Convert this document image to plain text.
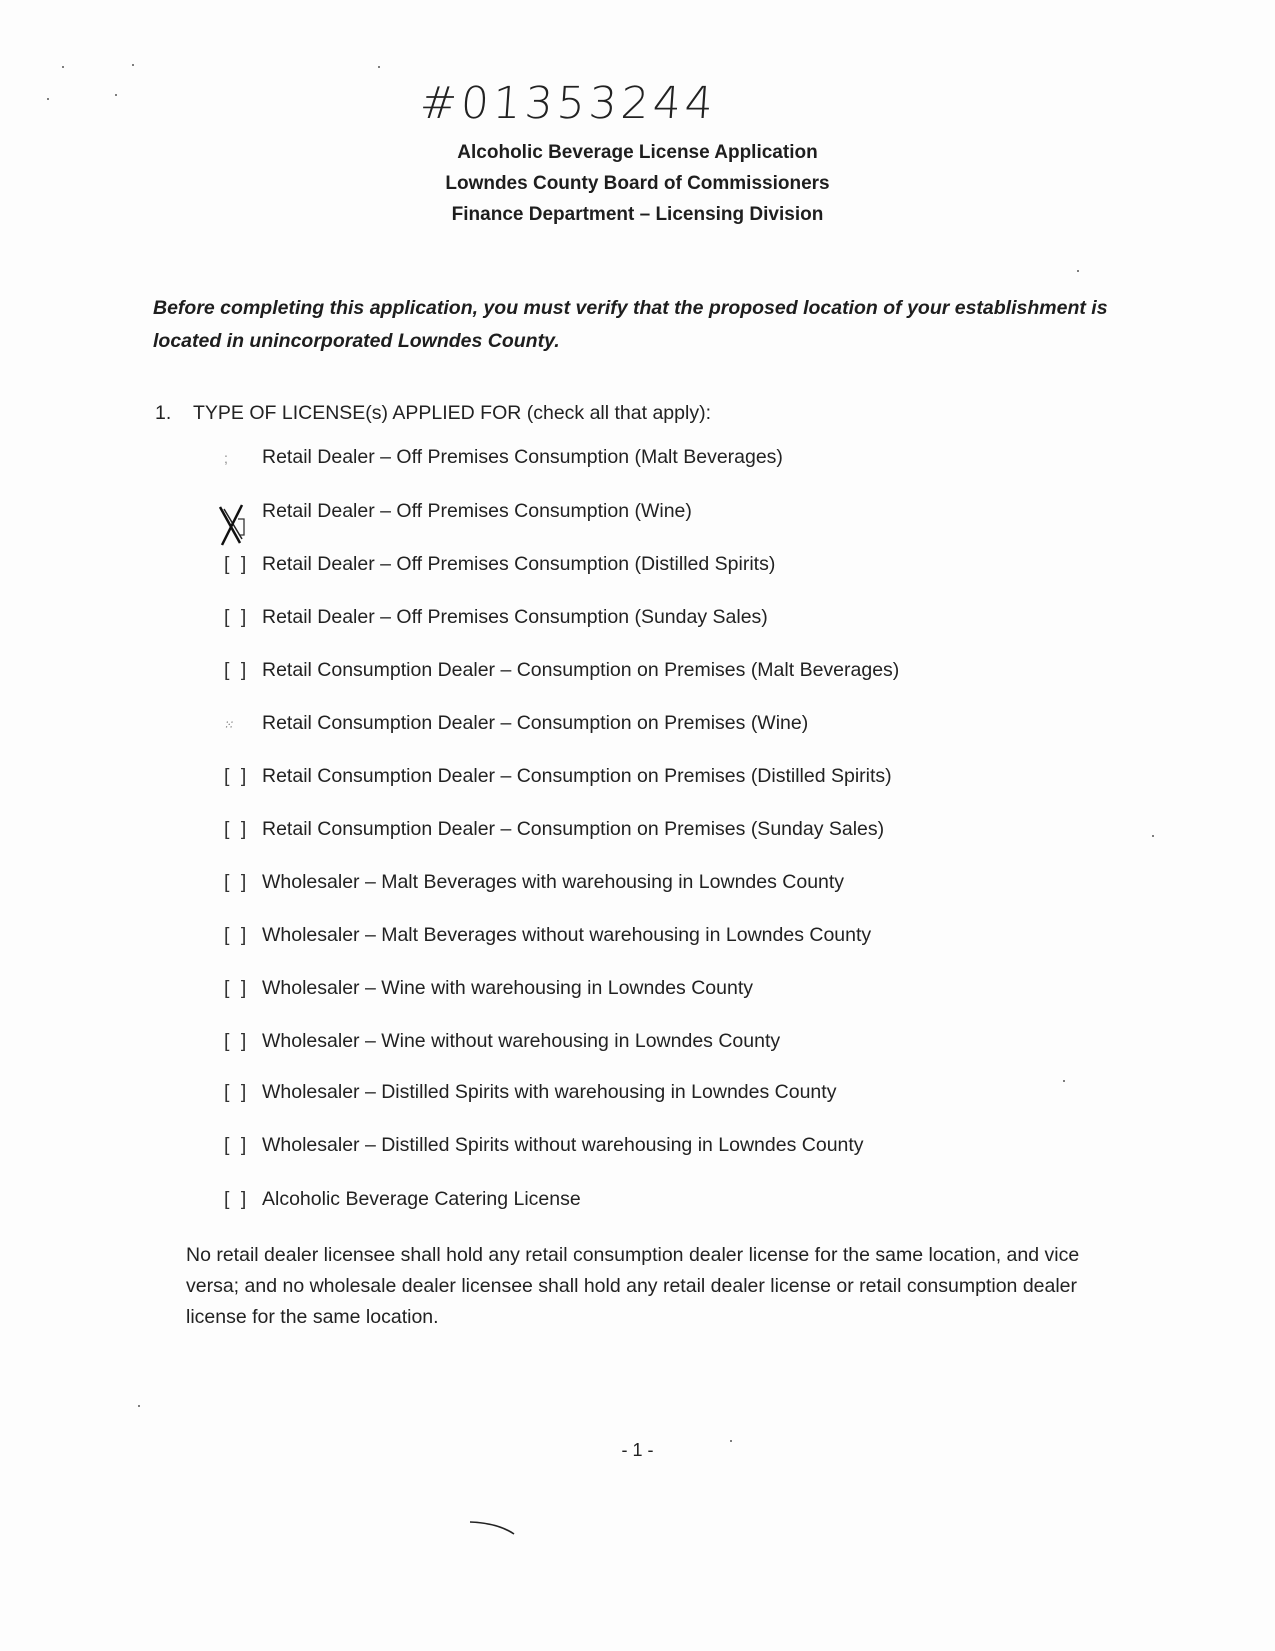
#01353244
Alcoholic Beverage License Application
Lowndes County Board of Commissioners
Finance Department – Licensing Division
Before completing this application, you must verify that the proposed location of your establishment is
located in unincorporated Lowndes County.
1. TYPE OF LICENSE(s) APPLIED FOR (check all that apply):
; Retail Dealer – Off Premises Consumption (Malt Beverages)
Retail Dealer – Off Premises Consumption (Wine)
[ ] Retail Dealer – Off Premises Consumption (Distilled Spirits)
[ ] Retail Dealer – Off Premises Consumption (Sunday Sales)
[ ] Retail Consumption Dealer – Consumption on Premises (Malt Beverages)
⁙ Retail Consumption Dealer – Consumption on Premises (Wine)
[ ] Retail Consumption Dealer – Consumption on Premises (Distilled Spirits)
[ ] Retail Consumption Dealer – Consumption on Premises (Sunday Sales)
[ ] Wholesaler – Malt Beverages with warehousing in Lowndes County
[ ] Wholesaler – Malt Beverages without warehousing in Lowndes County
[ ] Wholesaler – Wine with warehousing in Lowndes County
[ ] Wholesaler – Wine without warehousing in Lowndes County
[ ] Wholesaler – Distilled Spirits with warehousing in Lowndes County
[ ] Wholesaler – Distilled Spirits without warehousing in Lowndes County
[ ] Alcoholic Beverage Catering License
No retail dealer licensee shall hold any retail consumption dealer license for the same location, and vice versa; and no wholesale dealer licensee shall hold any retail dealer license or retail consumption dealer license for the same location.
- 1 -
